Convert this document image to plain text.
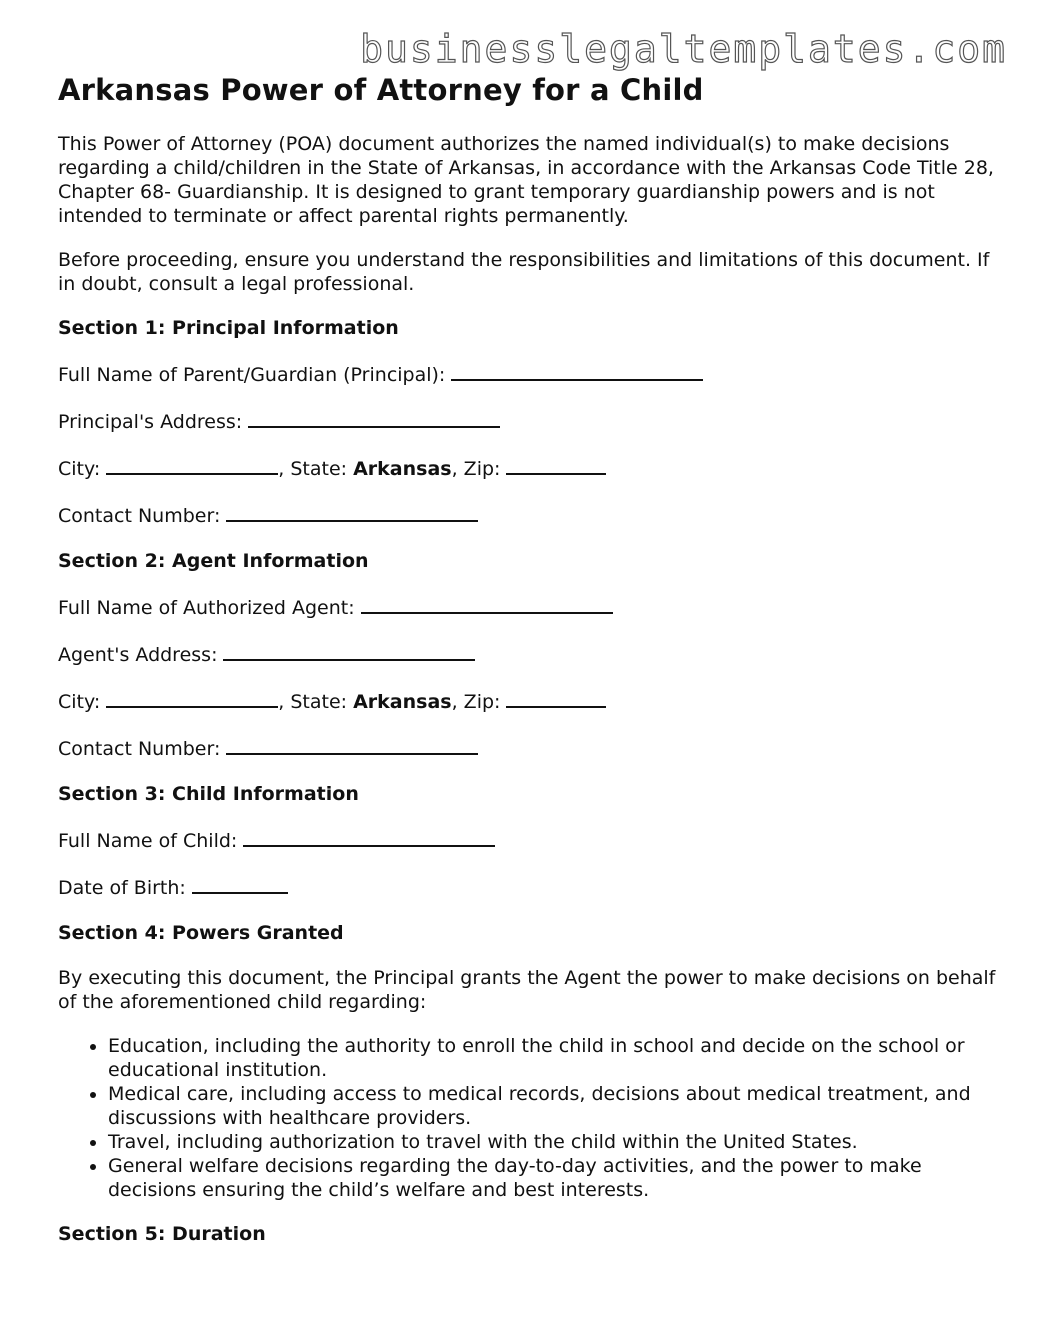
businesslegaltemplates.com
Arkansas Power of Attorney for a Child

This Power of Attorney (POA) document authorizes the named individual(s) to make decisions regarding a child/children in the State of Arkansas, in accordance with the Arkansas Code Title 28, Chapter 68- Guardianship. It is designed to grant temporary guardianship powers and is not intended to terminate or affect parental rights permanently.

Before proceeding, ensure you understand the responsibilities and limitations of this document. If in doubt, consult a legal professional.

Section 1: Principal Information
Full Name of Parent/Guardian (Principal):
Principal's Address:
City:	, State: Arkansas, Zip:
Contact Number:
Section 2: Agent Information
Full Name of Authorized Agent:
Agent's Address:
City:	, State: Arkansas, Zip:
Contact Number:
Section 3: Child Information
Full Name of Child:
Date of Birth:
Section 4: Powers Granted

By executing this document, the Principal grants the Agent the power to make decisions on behalf of the aforementioned child regarding:

• Education, including the authority to enroll the child in school and decide on the school or educational institution.
• Medical care, including access to medical records, decisions about medical treatment, and discussions with healthcare providers.
• Travel, including authorization to travel with the child within the United States.
• General welfare decisions regarding the day-to-day activities, and the power to make decisions ensuring the child’s welfare and best interests.
Section 5: Duration
